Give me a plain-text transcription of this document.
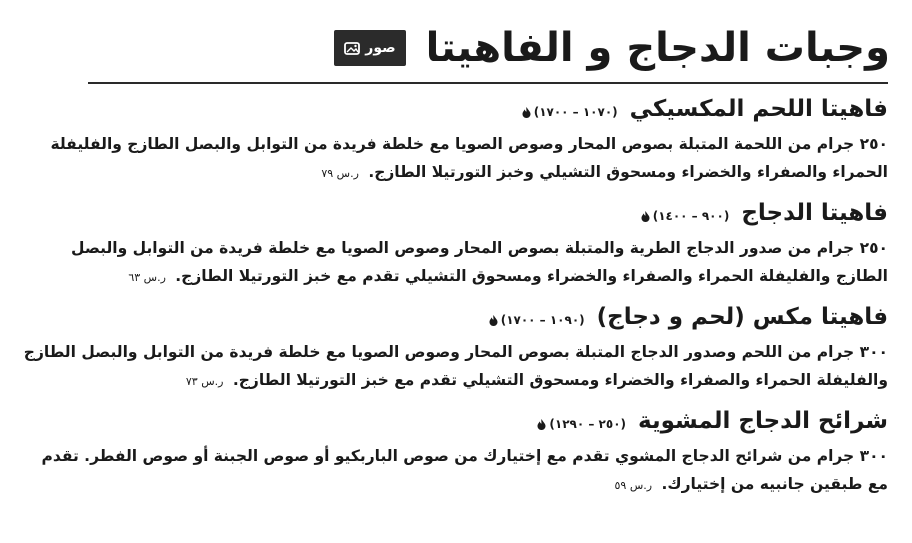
وجبات الدجاج و الفاهيتا
صور
فاهيتا اللحم المكسيكي
(١٠٧٠ – ١٧٠٠)

٢٥٠ جرام من اللحمة المتبلة بصوص المحار وصوص الصويا مع خلطة فريدة من التوابل والبصل الطازج والفليفلة الحمراء والصفراء والخضراء ومسحوق التشيلي وخبز التورتيلا الطازج. ر.س ٧٩

فاهيتا الدجاج
(٩٠٠ – ١٤٠٠)

٢٥٠ جرام من صدور الدجاج الطرية والمتبلة بصوص المحار وصوص الصويا مع خلطة فريدة من التوابل والبصل الطازج والفليفلة الحمراء والصفراء والخضراء ومسحوق التشيلي تقدم مع خبز التورتيلا الطازج. ر.س ٦٣

فاهيتا مكس (لحم و دجاج)
(١٠٩٠ – ١٧٠٠)

٣٠٠ جرام من اللحم وصدور الدجاج المتبلة بصوص المحار وصوص الصويا مع خلطة فريدة من التوابل والبصل الطازج والفليفلة الحمراء والصفراء والخضراء ومسحوق التشيلي تقدم مع خبز التورتيلا الطازج. ر.س ٧٣

شرائح الدجاج المشوية
(٢٥٠ – ١٢٩٠)

٣٠٠ جرام من شرائح الدجاج المشوي تقدم مع إختيارك من صوص الباربكيو أو صوص الجبنة أو صوص الفطر. تقدم مع طبقين جانبيه من إختيارك. ر.س ٥٩
